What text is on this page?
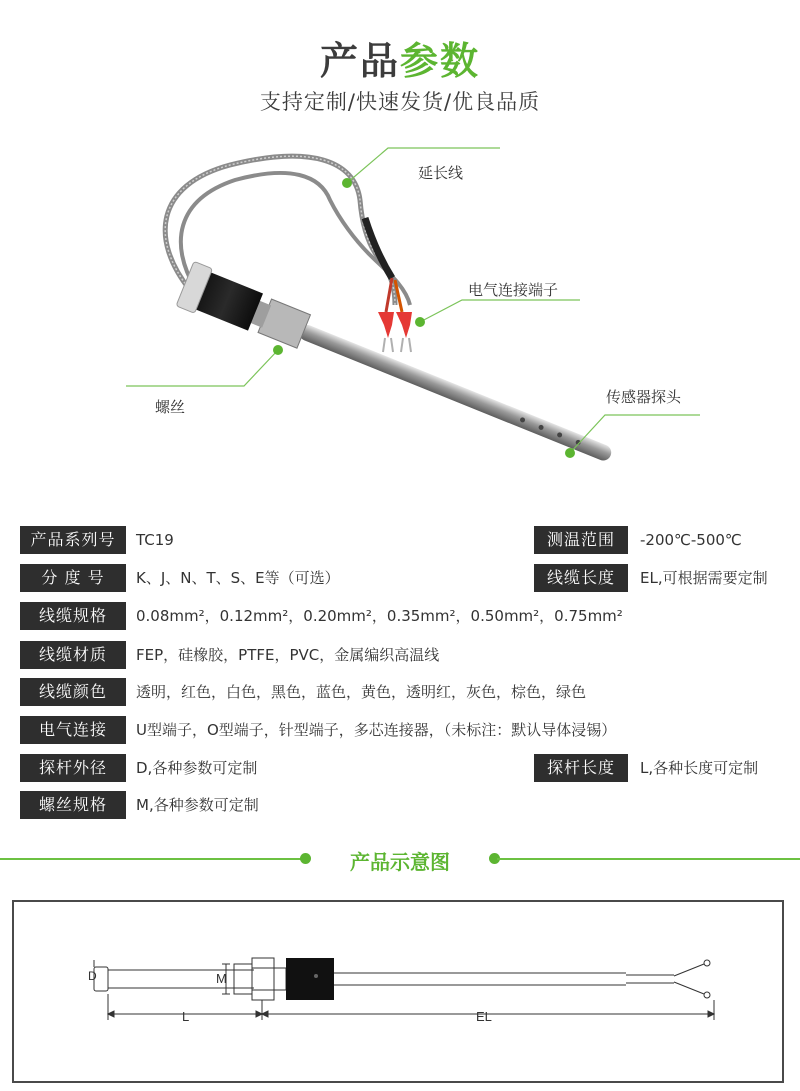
产品参数
支持定制/快速发货/优良品质
延长线
电气连接端子
螺丝
传感器探头
产品系列号	TC19	测温范围	-200℃-500℃
分 度 号	K、J、N、T、S、E等（可选）	线缆长度	EL,可根据需要定制
线缆规格	0.08mm²，0.12mm²，0.20mm²，0.35mm²，0.50mm²，0.75mm²
线缆材质	FEP，硅橡胶，PTFE，PVC，金属编织高温线
线缆颜色	透明，红色，白色，黑色，蓝色，黄色，透明红，灰色，棕色，绿色
电气连接	U型端子，O型端子，针型端子，多芯连接器，（未标注：默认导体浸锡）
探杆外径	D,各种参数可定制	探杆长度	L,各种长度可定制
螺丝规格	M,各种参数可定制
产品示意图
D	M
L	EL
